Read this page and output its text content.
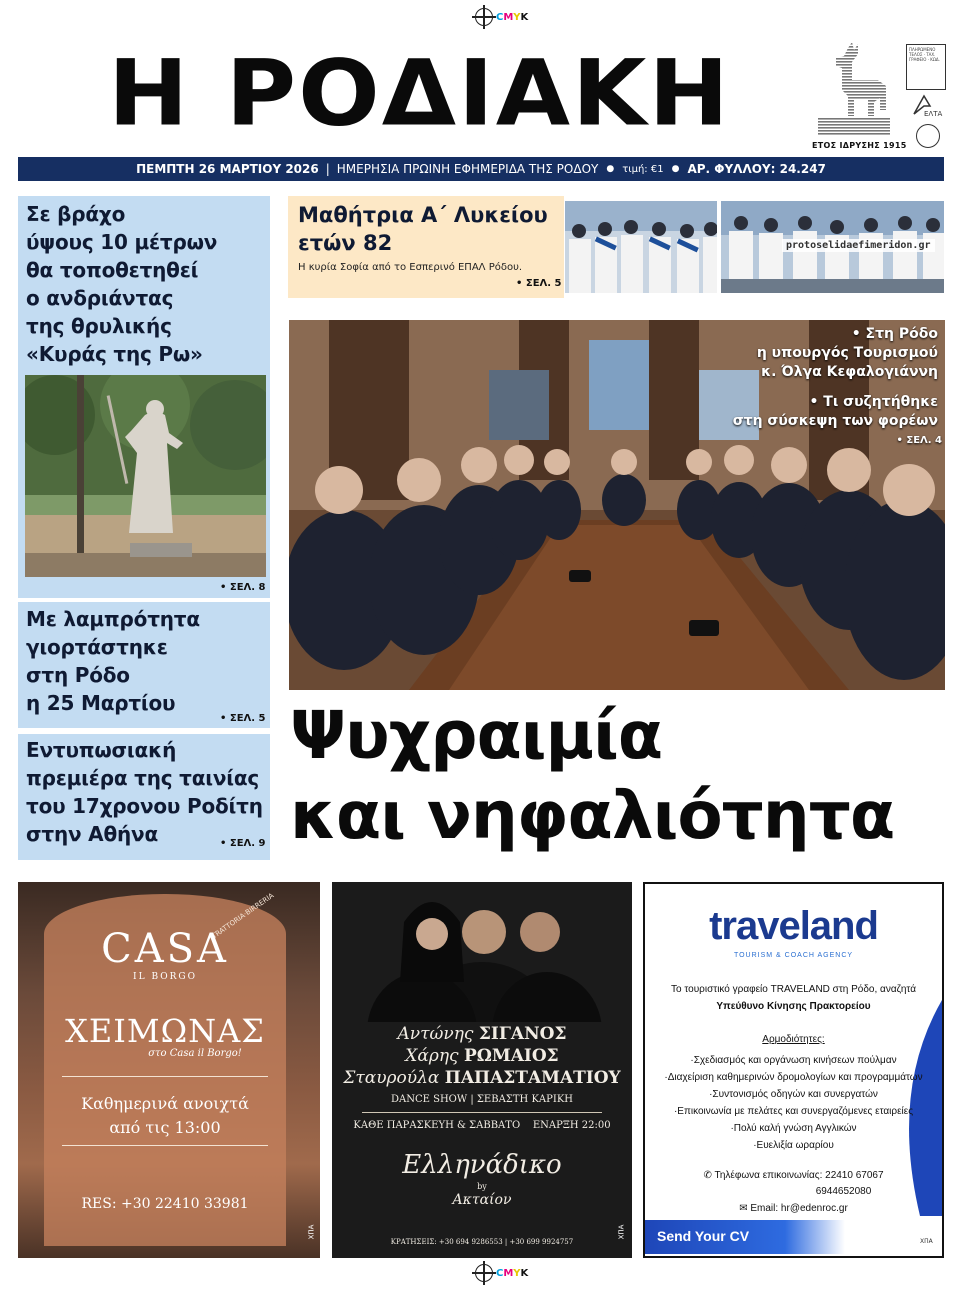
CMYK
Η ΡΟΔΙΑΚΗ	ΕΤΟΣ ΙΔΡΥΣΗΣ 1915
ΠΛΗΡΩΜΕΝΟ ΤΕΛΟΣ · ΤΑΧ. ΓΡΑΦΕΙΟ · ΚΩΔ.
ΕΛΤΑ
ΠΕΜΠΤΗ 26 ΜΑΡΤΙΟΥ 2026 | ΗΜΕΡΗΣΙΑ ΠΡΩΙΝΗ ΕΦΗΜΕΡΙΔΑ ΤΗΣ ΡΟΔΟΥ ● τιμή: €1 ● ΑΡ. ΦΥΛΛΟΥ: 24.247
Σε βράχο
ύψους 10 μέτρων
θα τοποθετηθεί
ο ανδριάντας
της θρυλικής
«Κυράς της Ρω»
• ΣΕΛ. 8
Με λαμπρότητα
γιορτάστηκε
στη Ρόδο
η 25 Μαρτίου
• ΣΕΛ. 5
Εντυπωσιακή
πρεμιέρα της ταινίας
του 17χρονου Ροδίτη
στην Αθήνα	• ΣΕΛ. 9
Μαθήτρια Α΄ Λυκείου
ετών 82
Η κυρία Σοφία από το Εσπερινό ΕΠΑΛ Ρόδου.
• ΣΕΛ. 5
protoselidaefimeridon.gr
• Στη Ρόδο
η υπουργός Τουρισμού
κ. Όλγα Κεφαλογιάννη
• Τι συζητήθηκε
στη σύσκεψη των φορέων
• ΣΕΛ. 4
Ψυχραιμία
και νηφαλιότητα
TRATTORIA·BIRRERIA
CASA
IL BORGO
ΧΕΙΜΩΝΑΣ
στο Casa il Borgo!
Καθημερινά ανοιχτά
από τις 13:00
RES: +30 22410 33981
ΧΠΑ
Αντώνης ΣΙΓΑΝΟΣ
Χάρης ΡΩΜΑΙΟΣ
Σταυρούλα ΠΑΠΑΣΤΑΜΑΤΙΟΥ
DANCE SHOW | ΣΕΒΑΣΤΗ ΚΑΡΙΚΗ
ΚΑΘΕ ΠΑΡΑΣΚΕΥΗ & ΣΑΒΒΑΤΟ ΕΝΑΡΞΗ 22:00
Ελληνάδικο
by
Ακταίον
ΚΡΑΤΗΣΕΙΣ: +30 694 9286553 | +30 699 9924757
ΧΠΑ
traveland
TOURISM & COACH AGENCY
Το τουριστικό γραφείο TRAVELAND στη Ρόδο, αναζητά
Υπεύθυνο Κίνησης Πρακτορείου
Αρμοδιότητες:
·Σχεδιασμός και οργάνωση κινήσεων πούλμαν
·Διαχείριση καθημερινών δρομολογίων και προγραμμάτων
·Συντονισμός οδηγών και συνεργατών
·Επικοινωνία με πελάτες και συνεργαζόμενες εταιρείες
·Πολύ καλή γνώση Αγγλικών
·Ευελιξία ωραρίου
✆ Τηλέφωνα επικοινωνίας: 22410 67067
6944652080
✉ Email: hr@edenroc.gr
Send Your CV	ΧΠΑ
CMYK
